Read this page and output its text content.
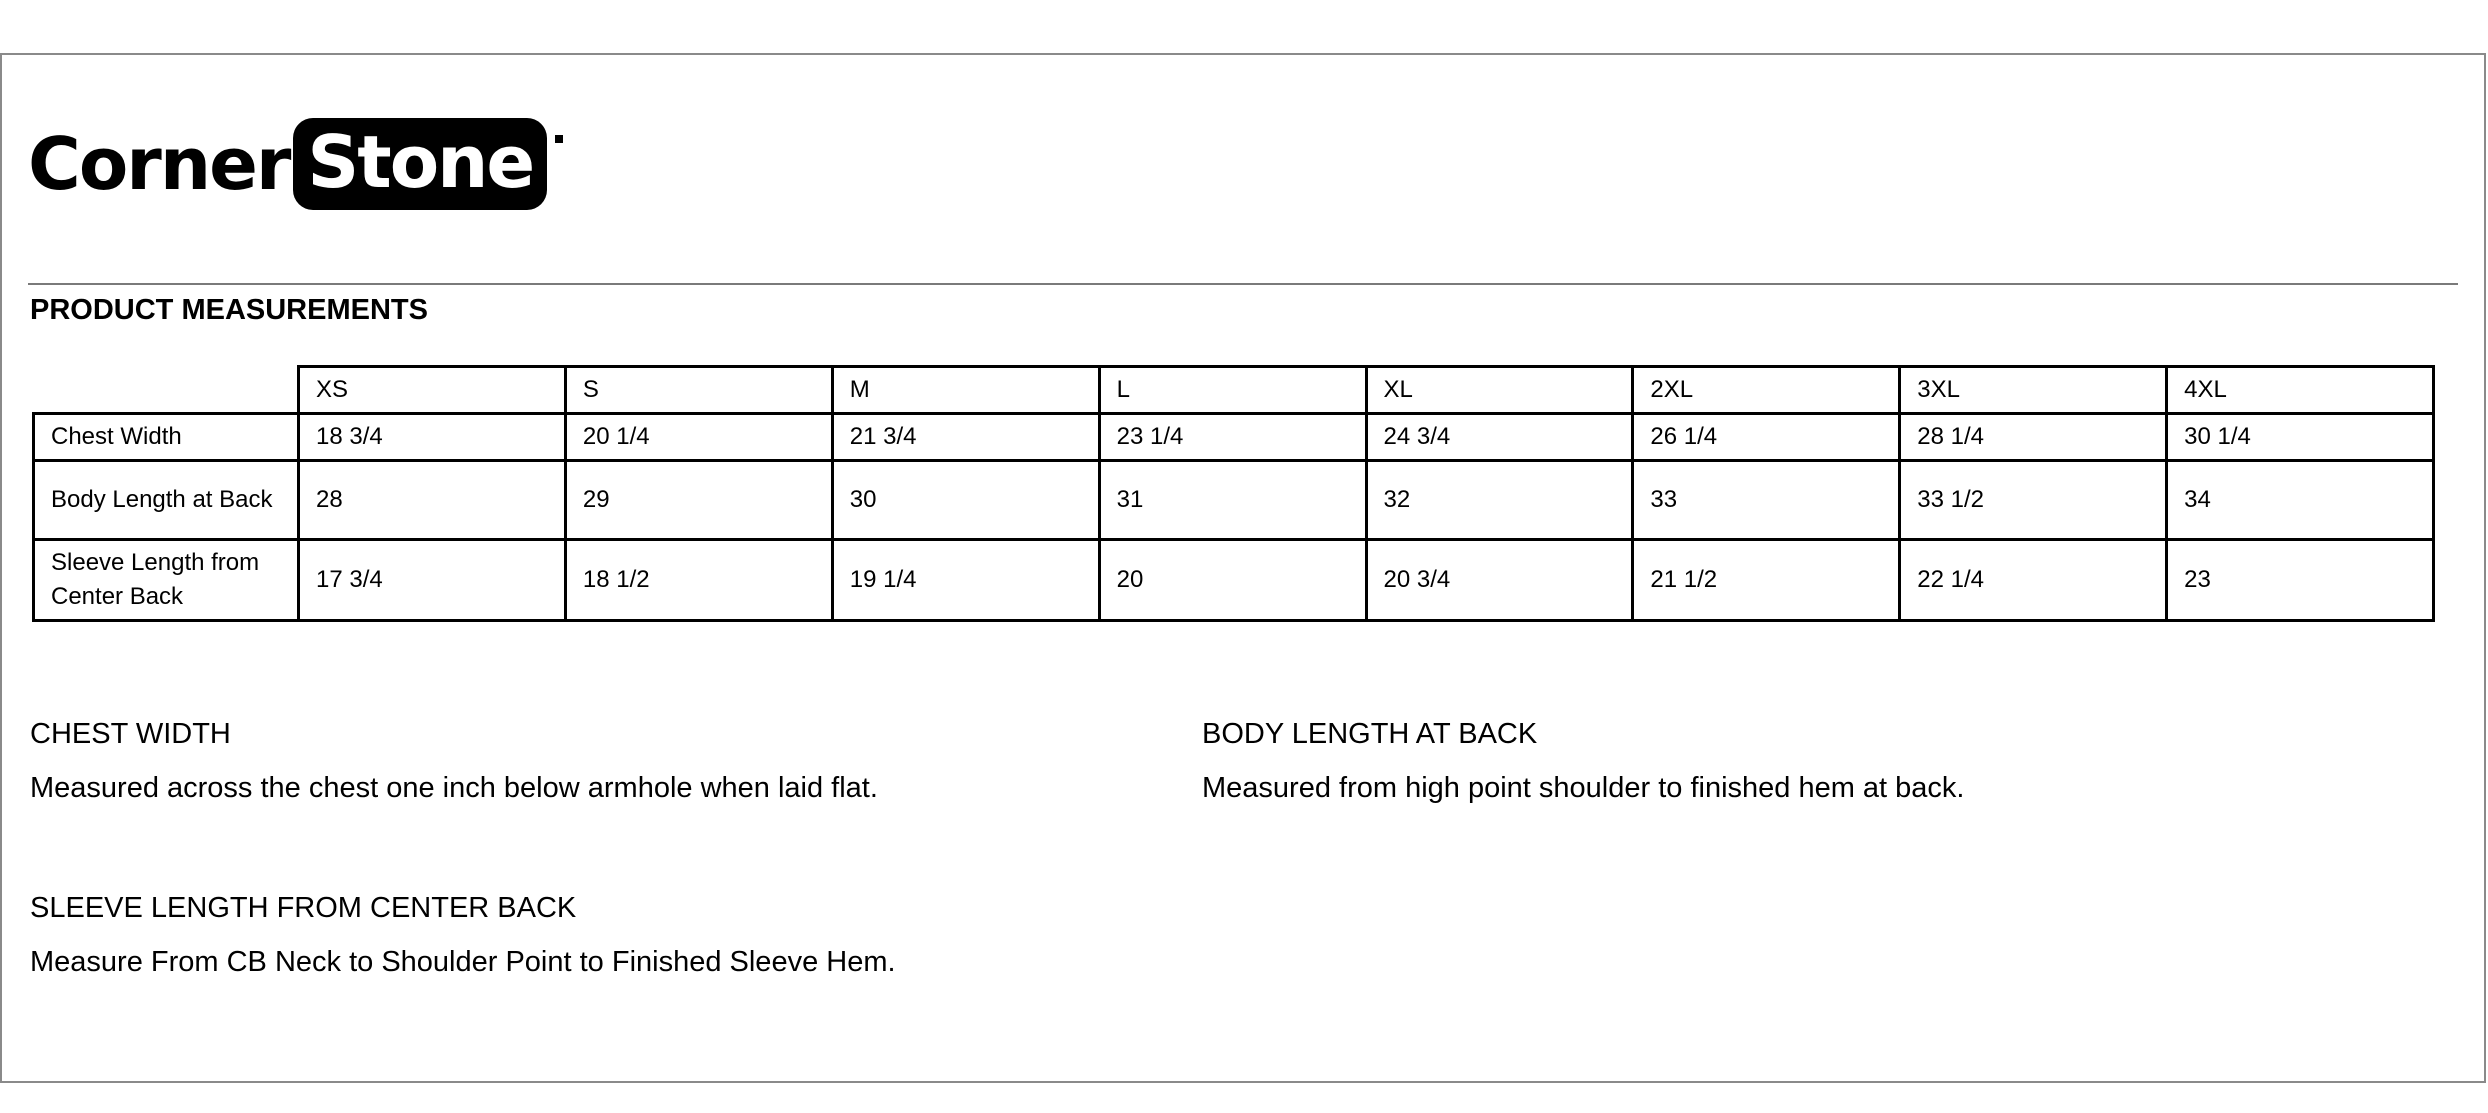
Corner Stone
PRODUCT MEASUREMENTS
	XS	S	M	L	XL	2XL	3XL	4XL
Chest Width	18 3/4	20 1/4	21 3/4	23 1/4	24 3/4	26 1/4	28 1/4	30 1/4
Body Length at Back	28	29	30	31	32	33	33 1/2	34
Sleeve Length from Center Back	17 3/4	18 1/2	19 1/4	20	20 3/4	21 1/2	22 1/4	23
CHEST WIDTH
Measured across the chest one inch below armhole when laid flat.
BODY LENGTH AT BACK
Measured from high point shoulder to finished hem at back.
SLEEVE LENGTH FROM CENTER BACK
Measure From CB Neck to Shoulder Point to Finished Sleeve Hem.
